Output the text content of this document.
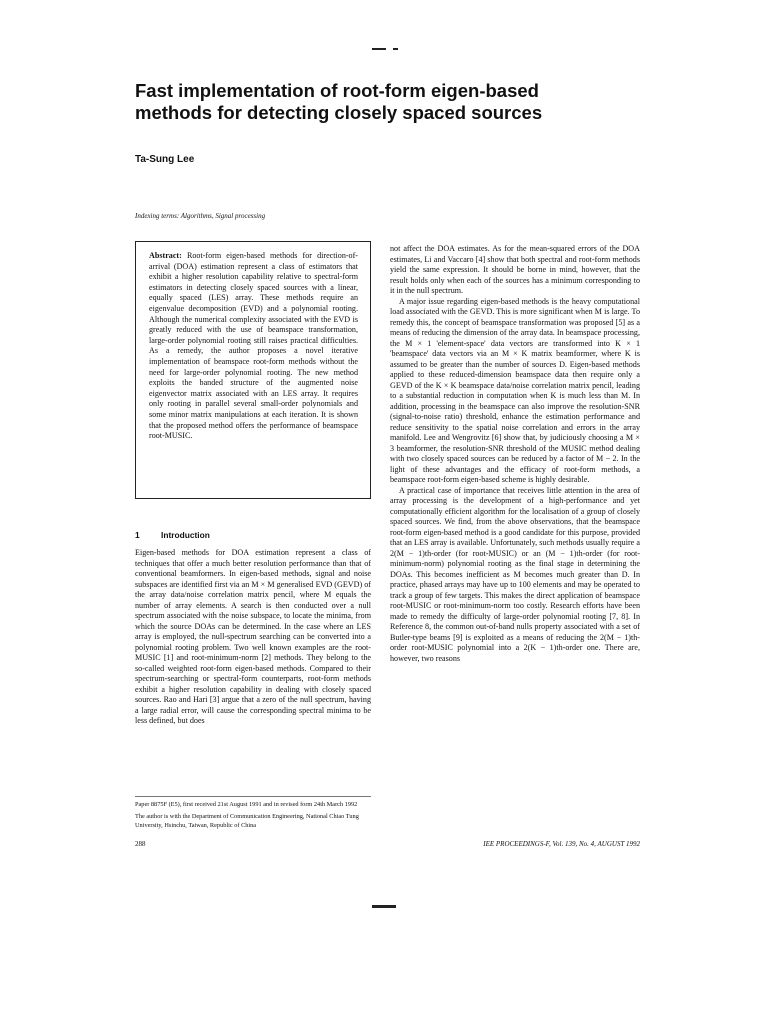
Fast implementation of root-form eigen-based methods for detecting closely spaced sources
Ta-Sung Lee
Indexing terms: Algorithms, Signal processing
Abstract: Root-form eigen-based methods for direction-of-arrival (DOA) estimation represent a class of estimators that exhibit a higher resolution capability relative to spectral-form estimators in detecting closely spaced sources with a linear, equally spaced (LES) array. These methods require an eigenvalue decomposition (EVD) and a polynomial rooting. Although the numerical complexity associated with the EVD is greatly reduced with the use of beamspace transformation, large-order polynomial rooting still raises practical difficulties. As a remedy, the author proposes a novel iterative implementation of beamspace root-form methods without the need for large-order polynomial rooting. The new method exploits the banded structure of the augmented noise eigenvector matrix associated with an LES array. It requires only rooting in parallel several small-order polynomials and some minor matrix manipulations at each iteration. It is shown that the proposed method offers the performance of beamspace root-MUSIC.
1	Introduction

Eigen-based methods for DOA estimation represent a class of techniques that offer a much better resolution performance than that of conventional beamformers. In eigen-based methods, signal and noise subspaces are identified first via an M × M generalised EVD (GEVD) of the array data/noise correlation matrix pencil, where M equals the number of array elements. A search is then conducted over a null spectrum associated with the noise subspace, to locate the minima, from which the source DOAs can be determined. In the case where an LES array is employed, the null-spectrum searching can be converted into a polynomial rooting problem. Two well known examples are the root-MUSIC [1] and root-minimum-norm [2] methods. They belong to the so-called weighted root-form eigen-based methods. Compared to their spectrum-searching or spectral-form counterparts, root-form methods exhibit a higher resolution capability in dealing with closely spaced sources. Rao and Hari [3] argue that a zero of the null spectrum, having a large radial error, will cause the corresponding spectral minima to be less defined, but does

Paper 8875F (E5), first received 21st August 1991 and in revised form 24th March 1992

The author is with the Department of Communication Engineering, National Chiao Tung University, Hsinchu, Taiwan, Republic of China

not affect the DOA estimates. As for the mean-squared errors of the DOA estimates, Li and Vaccaro [4] show that both spectral and root-form methods yield the same expression. It should be borne in mind, however, that the result holds only when each of the sources has a minimum corresponding to it in the null spectrum.

A major issue regarding eigen-based methods is the heavy computational load associated with the GEVD. This is more significant when M is large. To remedy this, the concept of beamspace transformation was proposed [5] as a means of reducing the dimension of the array data. In beamspace processing, the M × 1 'element-space' data vectors are transformed into K × 1 'beamspace' data vectors via an M × K matrix beamformer, where K is assumed to be greater than the number of sources D. Eigen-based methods applied to these reduced-dimension beamspace data then require only a GEVD of the K × K beamspace data/noise correlation matrix pencil, leading to a substantial reduction in computation when K is much less than M. In addition, processing in the beamspace can also improve the resolution-SNR (signal-to-noise ratio) threshold, enhance the estimation performance and reduce sensitivity to the spatial noise correlation and errors in the array manifold. Lee and Wengrovitz [6] show that, by judiciously choosing a M × 3 beamformer, the resolution-SNR threshold of the MUSIC method dealing with two closely spaced sources can be reduced by a factor of M − 2. In the light of these advantages and the efficacy of root-form methods, a beamspace root-form eigen-based scheme is highly desirable.

A practical case of importance that receives little attention in the area of array processing is the development of a high-performance and yet computationally efficient algorithm for the localisation of a group of closely spaced sources. We find, from the above observations, that the beamspace root-form eigen-based method is a good candidate for this purpose, provided that an LES array is available. Unfortunately, such methods usually require a 2(M − 1)th-order (for root-MUSIC) or an (M − 1)th-order (for root-minimum-norm) polynomial rooting as the final stage in determining the DOAs. This becomes inefficient as M becomes much greater than D. In practice, phased arrays may have up to 100 elements and may be operated to track a group of few targets. This makes the direct application of beamspace root-MUSIC or root-minimum-norm too costly. Research efforts have been made to remedy the difficulty of large-order polynomial rooting [7, 8]. In Reference 8, the common out-of-band nulls property associated with a set of Butler-type beams [9] is exploited as a means of reducing the 2(M − 1)th-order root-MUSIC polynomial into a 2(K − 1)th-order one. There are, however, two reasons

288	IEE PROCEEDINGS-F, Vol. 139, No. 4, AUGUST 1992
